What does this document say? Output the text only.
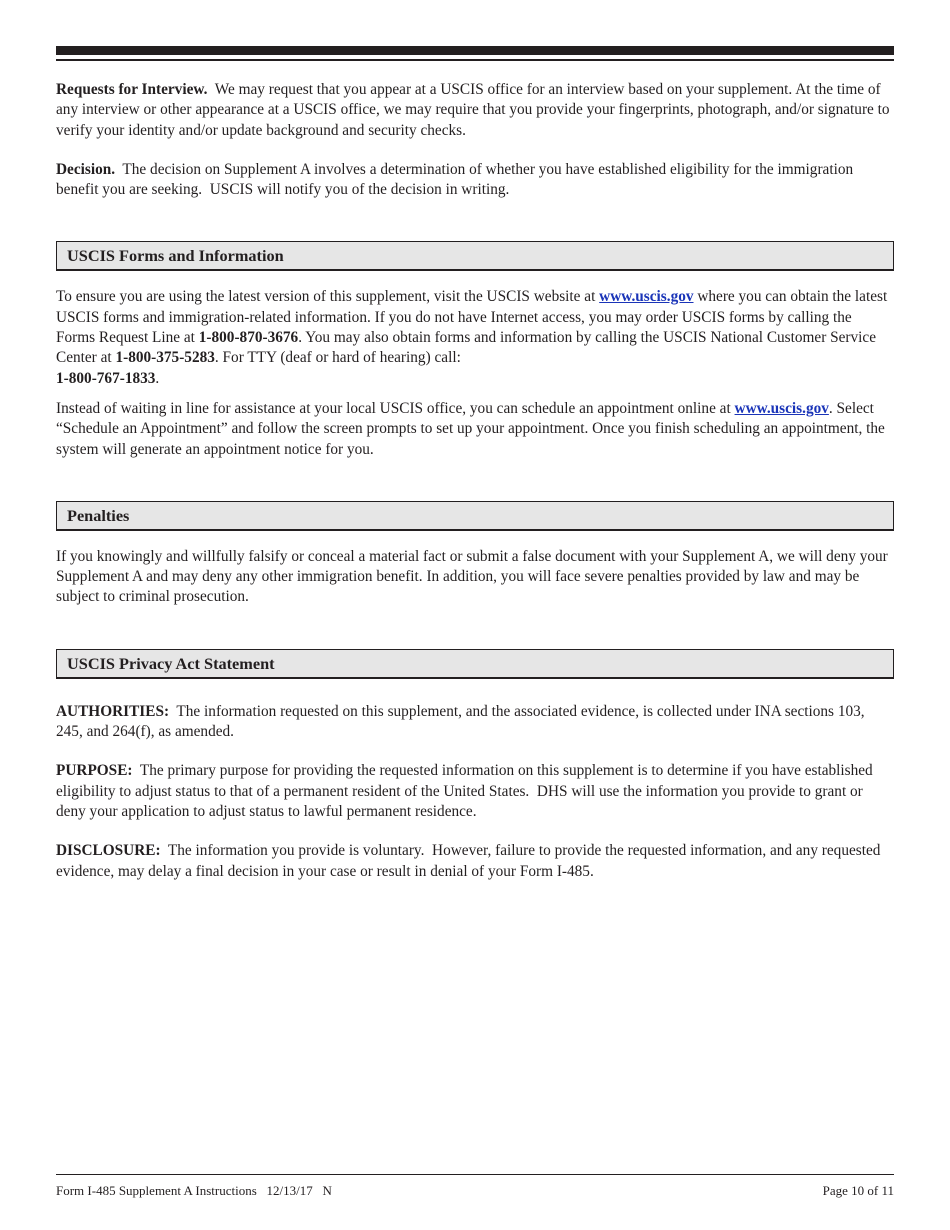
Requests for Interview.  We may request that you appear at a USCIS office for an interview based on your supplement. At the time of any interview or other appearance at a USCIS office, we may require that you provide your fingerprints, photograph, and/or signature to verify your identity and/or update background and security checks.

Decision.  The decision on Supplement A involves a determination of whether you have established eligibility for the immigration benefit you are seeking.  USCIS will notify you of the decision in writing.

USCIS Forms and Information

To ensure you are using the latest version of this supplement, visit the USCIS website at www.uscis.gov where you can obtain the latest USCIS forms and immigration-related information. If you do not have Internet access, you may order USCIS forms by calling the Forms Request Line at 1-800-870-3676. You may also obtain forms and information by calling the USCIS National Customer Service Center at 1-800-375-5283. For TTY (deaf or hard of hearing) call:
1-800-767-1833.

Instead of waiting in line for assistance at your local USCIS office, you can schedule an appointment online at www.uscis.gov. Select “Schedule an Appointment” and follow the screen prompts to set up your appointment. Once you finish scheduling an appointment, the system will generate an appointment notice for you.

Penalties

If you knowingly and willfully falsify or conceal a material fact or submit a false document with your Supplement A, we will deny your Supplement A and may deny any other immigration benefit. In addition, you will face severe penalties provided by law and may be subject to criminal prosecution.

USCIS Privacy Act Statement

AUTHORITIES:  The information requested on this supplement, and the associated evidence, is collected under INA sections 103, 245, and 264(f), as amended.

PURPOSE:  The primary purpose for providing the requested information on this supplement is to determine if you have established eligibility to adjust status to that of a permanent resident of the United States.  DHS will use the information you provide to grant or deny your application to adjust status to lawful permanent residence.

DISCLOSURE:  The information you provide is voluntary.  However, failure to provide the requested information, and any requested evidence, may delay a final decision in your case or result in denial of your Form I-485.

Form I-485 Supplement A Instructions   12/13/17   N	Page 10 of 11
